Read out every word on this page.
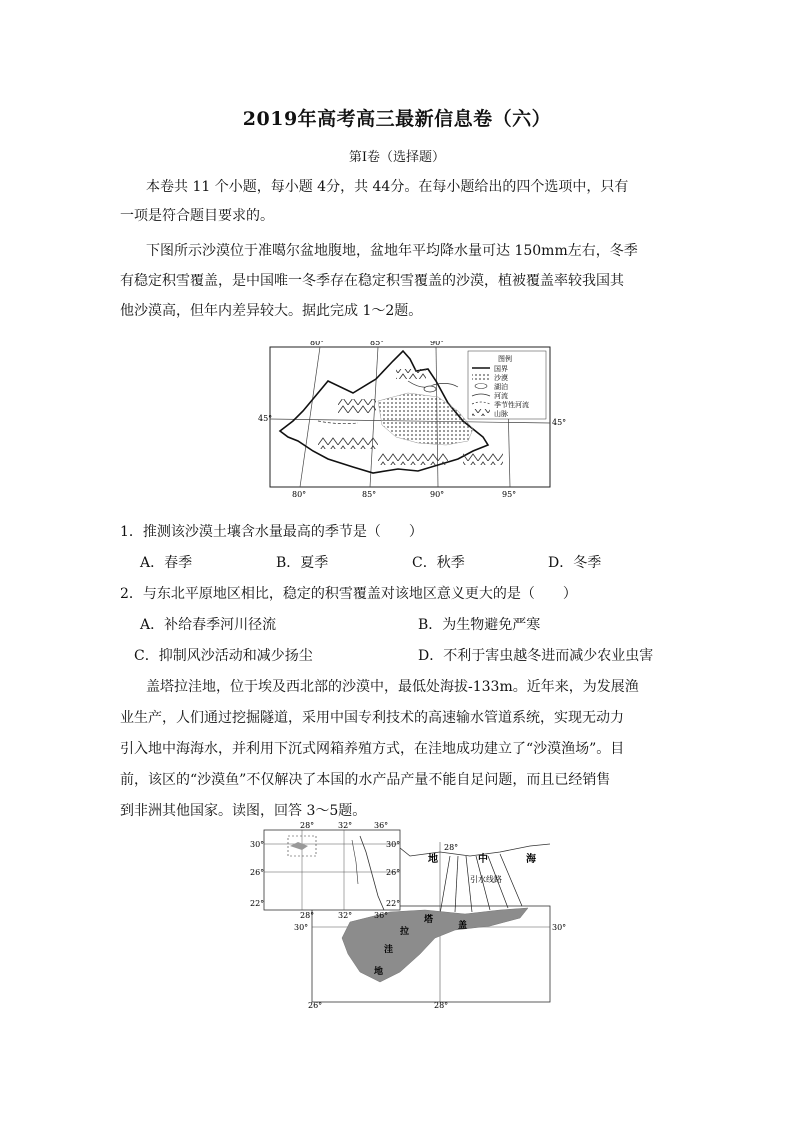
2019年高考高三最新信息卷（六）
第Ⅰ卷（选择题）
本卷共 11 个小题，每小题 4分，共 44分。在每小题给出的四个选项中，只有
一项是符合题目要求的。
下图所示沙漠位于准噶尔盆地腹地，盆地年平均降水量可达 150mm左右，冬季
有稳定积雪覆盖，是中国唯一冬季存在稳定积雪覆盖的沙漠，植被覆盖率较我国其
他沙漠高，但年内差异较大。据此完成 1～2题。
图例
国界
沙漠
湖泊
河流
季节性河流
山脉
80°	85°	90°
80°	85°	90°	95°
45°	45°
1．推测该沙漠土壤含水量最高的季节是（　　）
A．春季	B．夏季	C．秋季	D．冬季
2．与东北平原地区相比，稳定的积雪覆盖对该地区意义更大的是（　　）
A．补给春季河川径流	B．为生物避免严寒
C．抑制风沙活动和减少扬尘	D．不利于害虫越冬进而减少农业虫害
盖塔拉洼地，位于埃及西北部的沙漠中，最低处海拔-133m。近年来，为发展渔
业生产，人们通过挖掘隧道，采用中国专利技术的高速输水管道系统，实现无动力
引入地中海海水，并利用下沉式网箱养殖方式，在洼地成功建立了“沙漠渔场”。目
前，该区的“沙漠鱼”不仅解决了本国的水产品产量不能自足问题，而且已经销售
到非洲其他国家。读图，回答 3～5题。
28°	32°	36°
28°	32°	36°
30°
26°
22°
30°
26°
22°
28°
26°	28°
30°	30°
地	中	海
引水线路
盖
塔
拉
洼
地
